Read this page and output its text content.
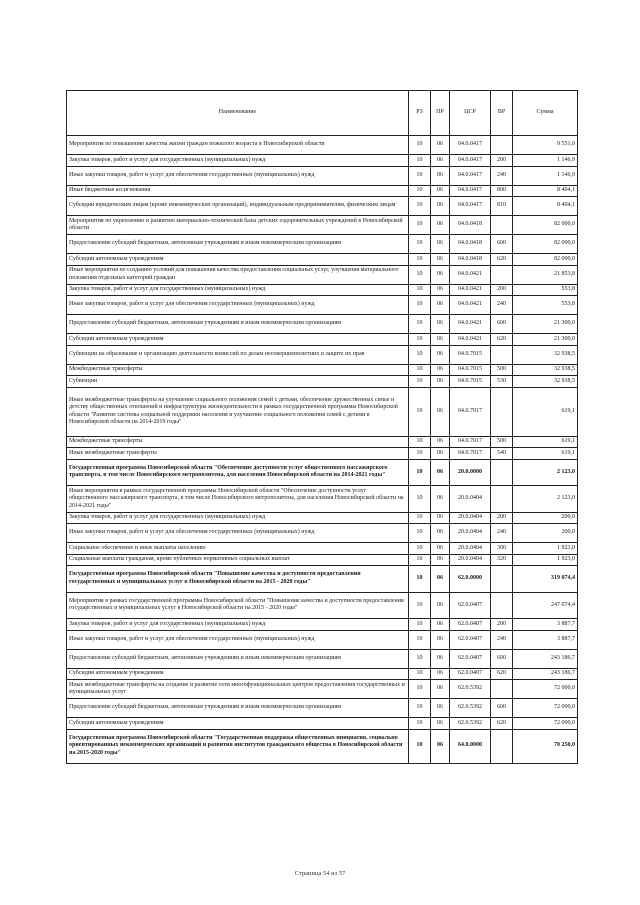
Наименование	РЗ	ПР	ЦСР	ВР	Сумма
Мероприятия по повышению качества жизни граждан пожилого возраста в Новосибирской области	10	06	04.0.0417		9 551,0
Закупка товаров, работ и услуг для государственных (муниципальных) нужд	10	06	04.0.0417	200	1 146,9
Иные закупки товаров, работ и услуг для обеспечения государственных (муниципальных) нужд	10	06	04.0.0417	240	1 146,9
Иные бюджетные ассигнования	10	06	04.0.0417	800	8 404,1
Субсидии юридическим лицам (кроме некоммерческих организаций), индивидуальным предпринимателям, физическим лицам	10	06	04.0.0417	810	8 404,1
Мероприятия по укреплению и развитию материально-технической базы детских оздоровительных учреждений в Новосибирской области	10	06	04.0.0418		82 000,0
Предоставление субсидий бюджетным, автономным учреждениям и иным некоммерческим организациям	10	06	04.0.0418	600	82 000,0
Субсидии автономным учреждениям	10	06	04.0.0418	620	82 000,0
Иные мероприятия по созданию условий для повышения качества предоставления социальных услуг, улучшения материального положения отдельных категорий граждан	10	06	04.0.0421		21 853,8
Закупка товаров, работ и услуг для государственных (муниципальных) нужд	10	06	04.0.0421	200	553,8
Иные закупки товаров, работ и услуг для обеспечения государственных (муниципальных) нужд	10	06	04.0.0421	240	553,8
Предоставление субсидий бюджетным, автономным учреждениям и иным некоммерческим организациям	10	06	04.0.0421	600	21 300,0
Субсидии автономным учреждениям	10	06	04.0.0421	620	21 300,0
Субвенции на образование и организацию деятельности комиссий по делам несовершеннолетних и защите их прав	10	06	04.0.7015		32 938,5
Межбюджетные трансферты	10	06	04.0.7015	500	32 938,5
Субвенции	10	06	04.0.7015	530	32 938,5
Иные межбюджетные трансферты на улучшение социального положения семей с детьми, обеспечение дружественных семье и детству общественных отношений и инфраструктуры жизнедеятельности в рамках государственной программы Новосибирской области "Развитие системы социальной поддержки населения и улучшение социального положения семей с детьми в Новосибирской области на 2014-2019 годы"	10	06	04.0.7017		619,1
Межбюджетные трансферты	10	06	04.0.7017	500	619,1
Иные межбюджетные трансферты	10	06	04.0.7017	540	619,1
Государственная программа Новосибирской области "Обеспечение доступности услуг общественного пассажирского транспорта, в том числе Новосибирского метрополитена, для населения Новосибирской области на 2014-2021 годы"	10	06	20.0.0000		2 123,0
Иные мероприятия в рамках государственной программы Новосибирской области "Обеспечение доступности услуг общественного пассажирского транспорта, в том числе Новосибирского метрополитена, для населения Новосибирской области на 2014-2021 годы"	10	06	20.0.0404		2 123,0
Закупка товаров, работ и услуг для государственных (муниципальных) нужд	10	06	20.0.0404	200	200,0
Иные закупки товаров, работ и услуг для обеспечения государственных (муниципальных) нужд	10	06	20.0.0404	240	200,0
Социальное обеспечение и иные выплаты населению	10	06	20.0.0404	300	1 923,0
Социальные выплаты гражданам, кроме публичных нормативных социальных выплат	10	06	20.0.0404	320	1 923,0
Государственная программа Новосибирской области "Повышение качества и доступности предоставления государственных и муниципальных услуг в Новосибирской области на 2015 - 2020 годы"	10	06	62.0.0000		319 074,4
Мероприятия в рамках государственной программы Новосибирской области "Повышение качества и доступности предоставления государственных и муниципальных услуг в Новосибирской области на 2015 - 2020 годы"	10	06	62.0.0407		247 074,4
Закупка товаров, работ и услуг для государственных (муниципальных) нужд	10	06	62.0.0407	200	3 887,7
Иные закупки товаров, работ и услуг для обеспечения государственных (муниципальных) нужд	10	06	62.0.0407	240	3 887,7
Предоставление субсидий бюджетным, автономным учреждениям и иным некоммерческим организациям	10	06	62.0.0407	600	243 186,7
Субсидии автономным учреждениям	10	06	62.0.0407	620	243 186,7
Иные межбюджетные трансферты на создание и развитие сети многофункциональных центров предоставления государственных и муниципальных услуг	10	06	62.0.5392		72 000,0
Предоставление субсидий бюджетным, автономным учреждениям и иным некоммерческим организациям	10	06	62.0.5392	600	72 000,0
Субсидии автономным учреждениям	10	06	62.0.5392	620	72 000,0
Государственная программа Новосибирской области "Государственная поддержка общественных инициатив, социально ориентированных некоммерческих организаций и развития институтов гражданского общества в Новосибирской области на 2015-2020 годы"	10	06	64.0.0000		70 250,0
Страница 54 из 57
